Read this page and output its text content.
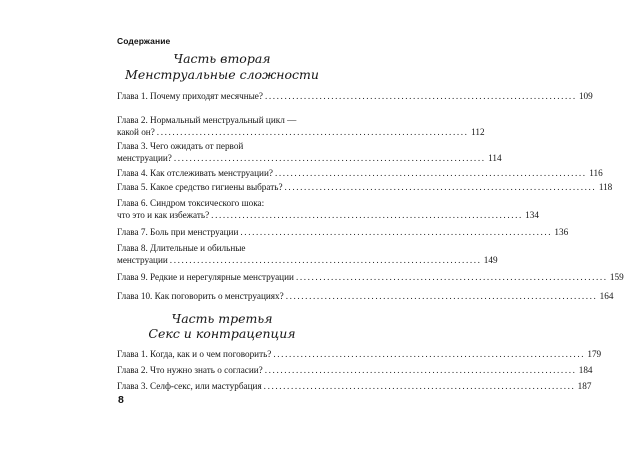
Содержание
Часть вторая
Менструальные сложности
Глава 1. Почему приходят месячные? ................................................................................ 109
Глава 2. Нормальный менструальный цикл —
какой он? ................................................................................ 112
Глава 3. Чего ожидать от первой
менструации? ................................................................................ 114
Глава 4. Как отслеживать менструации? ................................................................................ 116
Глава 5. Какое средство гигиены выбрать? ................................................................................ 118
Глава 6. Синдром токсического шока:
что это и как избежать? ................................................................................ 134
Глава 7. Боль при менструации ................................................................................ 136
Глава 8. Длительные и обильные
менструации ................................................................................ 149
Глава 9. Редкие и нерегулярные менструации ................................................................................ 159
Глава 10. Как поговорить о менструациях? ................................................................................ 164
Часть третья
Секс и контрацепция
Глава 1. Когда, как и о чем поговорить? ................................................................................ 179
Глава 2. Что нужно знать о согласии? ................................................................................ 184
Глава 3. Селф-секс, или мастурбация ................................................................................ 187
8
